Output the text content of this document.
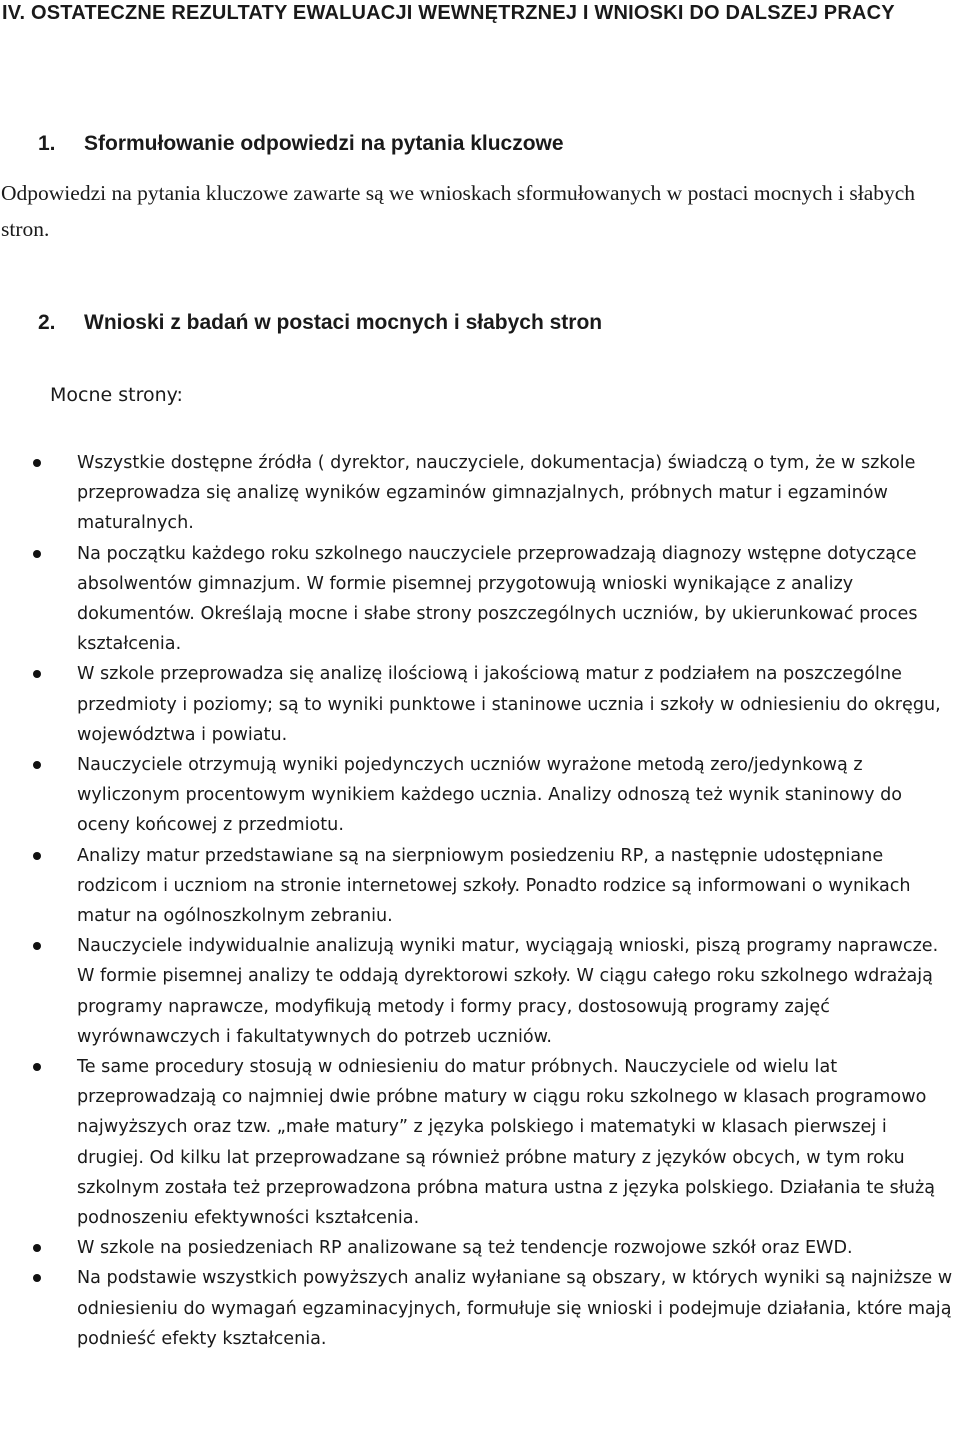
IV. OSTATECZNE REZULTATY EWALUACJI WEWNĘTRZNEJ I WNIOSKI DO DALSZEJ PRACY
1. Sformułowanie odpowiedzi na pytania kluczowe

Odpowiedzi na pytania kluczowe zawarte są we wnioskach sformułowanych w postaci mocnych i słabych stron.

2. Wnioski z badań w postaci mocnych i słabych stron
Mocne strony:
Wszystkie dostępne źródła ( dyrektor, nauczyciele, dokumentacja) świadczą o tym, że w szkole przeprowadza się analizę wyników egzaminów gimnazjalnych, próbnych matur i egzaminów maturalnych.
Na początku każdego roku szkolnego nauczyciele przeprowadzają diagnozy wstępne dotyczące absolwentów gimnazjum. W formie pisemnej przygotowują wnioski wynikające z analizy dokumentów. Określają mocne i słabe strony poszczególnych uczniów, by ukierunkować proces kształcenia.
W szkole przeprowadza się analizę ilościową i jakościową matur z podziałem na poszczególne przedmioty i poziomy; są to wyniki punktowe i staninowe ucznia i szkoły w odniesieniu do okręgu, województwa i powiatu.
Nauczyciele otrzymują wyniki pojedynczych uczniów wyrażone metodą zero/jedynkową z wyliczonym procentowym wynikiem każdego ucznia. Analizy odnoszą też wynik staninowy do oceny końcowej z przedmiotu.
Analizy matur przedstawiane są na sierpniowym posiedzeniu RP, a następnie udostępniane rodzicom i uczniom na stronie internetowej szkoły. Ponadto rodzice są informowani o wynikach matur na ogólnoszkolnym zebraniu.
Nauczyciele indywidualnie analizują wyniki matur, wyciągają wnioski, piszą programy naprawcze. W formie pisemnej analizy te oddają dyrektorowi szkoły. W ciągu całego roku szkolnego wdrażają programy naprawcze, modyfikują metody i formy pracy, dostosowują programy zajęć wyrównawczych i fakultatywnych do potrzeb uczniów.
Te same procedury stosują w odniesieniu do matur próbnych. Nauczyciele od wielu lat przeprowadzają co najmniej dwie próbne matury w ciągu roku szkolnego w klasach programowo najwyższych oraz tzw. „małe matury” z języka polskiego i matematyki w klasach pierwszej i drugiej. Od kilku lat przeprowadzane są również próbne matury z języków obcych, w tym roku szkolnym została też przeprowadzona próbna matura ustna z języka polskiego. Działania te służą podnoszeniu efektywności kształcenia.
W szkole na posiedzeniach RP analizowane są też tendencje rozwojowe szkół oraz EWD.
Na podstawie wszystkich powyższych analiz wyłaniane są obszary, w których wyniki są najniższe w odniesieniu do wymagań egzaminacyjnych, formułuje się wnioski i podejmuje działania, które mają podnieść efekty kształcenia.
